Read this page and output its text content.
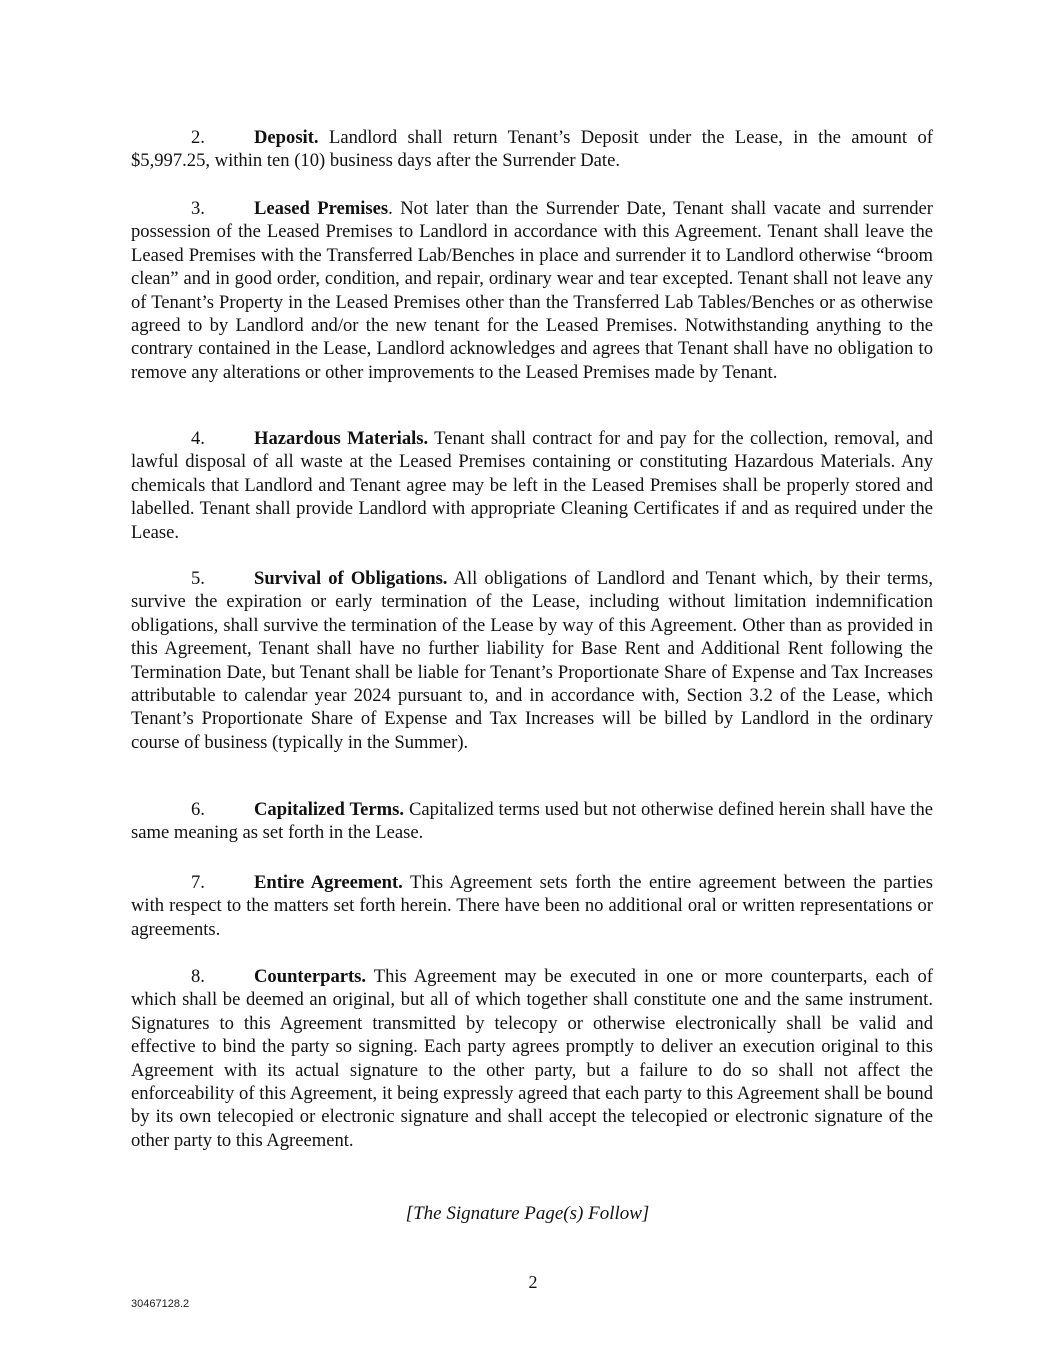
2.	Deposit. Landlord shall return Tenant’s Deposit under the Lease, in the amount of $5,997.25, within ten (10) business days after the Surrender Date.

3.	Leased Premises. Not later than the Surrender Date, Tenant shall vacate and surrender possession of the Leased Premises to Landlord in accordance with this Agreement. Tenant shall leave the Leased Premises with the Transferred Lab/Benches in place and surrender it to Landlord otherwise “broom clean” and in good order, condition, and repair, ordinary wear and tear excepted. Tenant shall not leave any of Tenant’s Property in the Leased Premises other than the Transferred Lab Tables/Benches or as otherwise agreed to by Landlord and/or the new tenant for the Leased Premises. Notwithstanding anything to the contrary contained in the Lease, Landlord acknowledges and agrees that Tenant shall have no obligation to remove any alterations or other improvements to the Leased Premises made by Tenant.

4.	Hazardous Materials. Tenant shall contract for and pay for the collection, removal, and lawful disposal of all waste at the Leased Premises containing or constituting Hazardous Materials. Any chemicals that Landlord and Tenant agree may be left in the Leased Premises shall be properly stored and labelled. Tenant shall provide Landlord with appropriate Cleaning Certificates if and as required under the Lease.

5.	Survival of Obligations. All obligations of Landlord and Tenant which, by their terms, survive the expiration or early termination of the Lease, including without limitation indemnification obligations, shall survive the termination of the Lease by way of this Agreement. Other than as provided in this Agreement, Tenant shall have no further liability for Base Rent and Additional Rent following the Termination Date, but Tenant shall be liable for Tenant’s Proportionate Share of Expense and Tax Increases attributable to calendar year 2024 pursuant to, and in accordance with, Section 3.2 of the Lease, which Tenant’s Proportionate Share of Expense and Tax Increases will be billed by Landlord in the ordinary course of business (typically in the Summer).

6.	Capitalized Terms. Capitalized terms used but not otherwise defined herein shall have the same meaning as set forth in the Lease.

7.	Entire Agreement. This Agreement sets forth the entire agreement between the parties with respect to the matters set forth herein. There have been no additional oral or written representations or agreements.

8.	Counterparts. This Agreement may be executed in one or more counterparts, each of which shall be deemed an original, but all of which together shall constitute one and the same instrument. Signatures to this Agreement transmitted by telecopy or otherwise electronically shall be valid and effective to bind the party so signing. Each party agrees promptly to deliver an execution original to this Agreement with its actual signature to the other party, but a failure to do so shall not affect the enforceability of this Agreement, it being expressly agreed that each party to this Agreement shall be bound by its own telecopied or electronic signature and shall accept the telecopied or electronic signature of the other party to this Agreement.

[The Signature Page(s) Follow]
2
30467128.2
